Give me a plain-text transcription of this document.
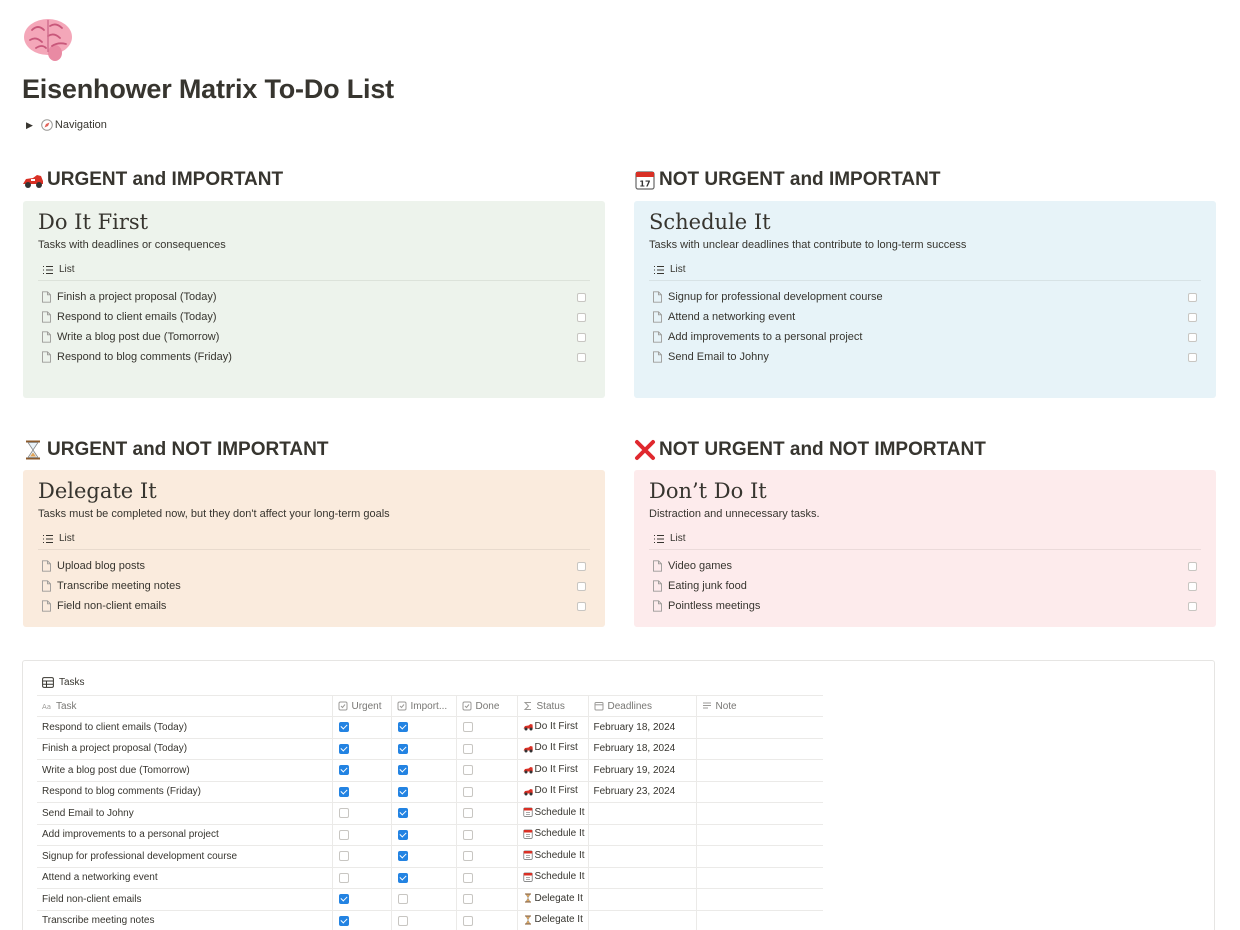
Eisenhower Matrix To-Do List
▶ Navigation
URGENT and IMPORTANT
Do It First
Tasks with deadlines or consequences
List
Finish a project proposal (Today)
Respond to client emails (Today)
Write a blog post due (Tomorrow)
Respond to blog comments (Friday)
17 NOT URGENT and IMPORTANT
Schedule It
Tasks with unclear deadlines that contribute to long-term success
List
Signup for professional development course
Attend a networking event
Add improvements to a personal project
Send Email to Johny
URGENT and NOT IMPORTANT
Delegate It
Tasks must be completed now, but they don't affect your long-term goals
List
Upload blog posts
Transcribe meeting notes
Field non-client emails
NOT URGENT and NOT IMPORTANT
Don’t Do It
Distraction and unnecessary tasks.
List
Video games
Eating junk food
Pointless meetings
Tasks
Aa Task	Urgent	Import...	Done	Status	Deadlines	Note
Respond to client emails (Today)				Do It First	February 18, 2024	
Finish a project proposal (Today)				Do It First	February 18, 2024	
Write a blog post due (Tomorrow)				Do It First	February 19, 2024	
Respond to blog comments (Friday)				Do It First	February 23, 2024	
Send Email to Johny				Schedule It		

Add improvements to a personal project				Schedule It		

Signup for professional development course				Schedule It		

Attend a networking event				Schedule It		

Field non-client emails				Delegate It		

Transcribe meeting notes				Delegate It		
